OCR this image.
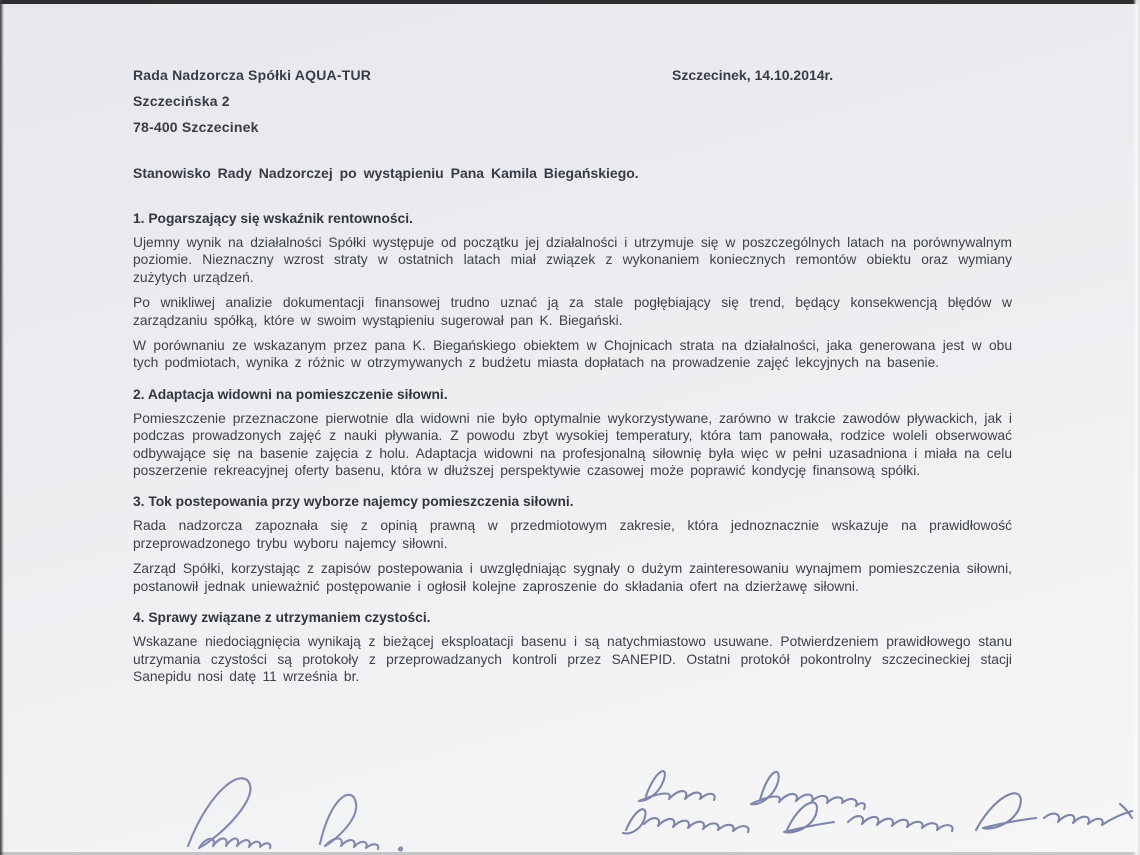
Rada Nadzorcza Spółki AQUA-TUR
Szczecińska 2
78-400 Szczecinek
Szczecinek, 14.10.2014r.
Stanowisko Rady Nadzorczej po wystąpieniu Pana Kamila Biegańskiego.
1. Pogarszający się wskaźnik rentowności.

Ujemny wynik na działalności Spółki występuje od początku jej działalności i utrzymuje się w poszczególnych latach na porównywalnym poziomie. Nieznaczny wzrost straty w ostatnich latach miał związek z wykonaniem koniecznych remontów obiektu oraz wymiany zużytych urządzeń.

Po wnikliwej analizie dokumentacji finansowej trudno uznać ją za stale pogłębiający się trend, będący konsekwencją błędów w zarządzaniu spółką, które w swoim wystąpieniu sugerował pan K. Biegański.

W porównaniu ze wskazanym przez pana K. Biegańskiego obiektem w Chojnicach strata na działalności, jaka generowana jest w obu tych podmiotach, wynika z różnic w otrzymywanych z budżetu miasta dopłatach na prowadzenie zajęć lekcyjnych na basenie.

2. Adaptacja widowni na pomieszczenie siłowni.

Pomieszczenie przeznaczone pierwotnie dla widowni nie było optymalnie wykorzystywane, zarówno w trakcie zawodów pływackich, jak i podczas prowadzonych zajęć z nauki pływania. Z powodu zbyt wysokiej temperatury, która tam panowała, rodzice woleli obserwować odbywające się na basenie zajęcia z holu. Adaptacja widowni na profesjonalną siłownię była więc w pełni uzasadniona i miała na celu poszerzenie rekreacyjnej oferty basenu, która w dłuższej perspektywie czasowej może poprawić kondycję finansową spółki.

3. Tok postepowania przy wyborze najemcy pomieszczenia siłowni.

Rada nadzorcza zapoznała się z opinią prawną w przedmiotowym zakresie, która jednoznacznie wskazuje na prawidłowość przeprowadzonego trybu wyboru najemcy siłowni.

Zarząd Spółki, korzystając z zapisów postepowania i uwzględniając sygnały o dużym zainteresowaniu wynajmem pomieszczenia siłowni, postanowił jednak unieważnić postępowanie i ogłosił kolejne zaproszenie do składania ofert na dzierżawę siłowni.

4. Sprawy związane z utrzymaniem czystości.

Wskazane niedociągnięcia wynikają z bieżącej eksploatacji basenu i są natychmiastowo usuwane. Potwierdzeniem prawidłowego stanu utrzymania czystości są protokoły z przeprowadzanych kontroli przez SANEPID. Ostatni protokół pokontrolny szczecineckiej stacji Sanepidu nosi datę 11 września br.
